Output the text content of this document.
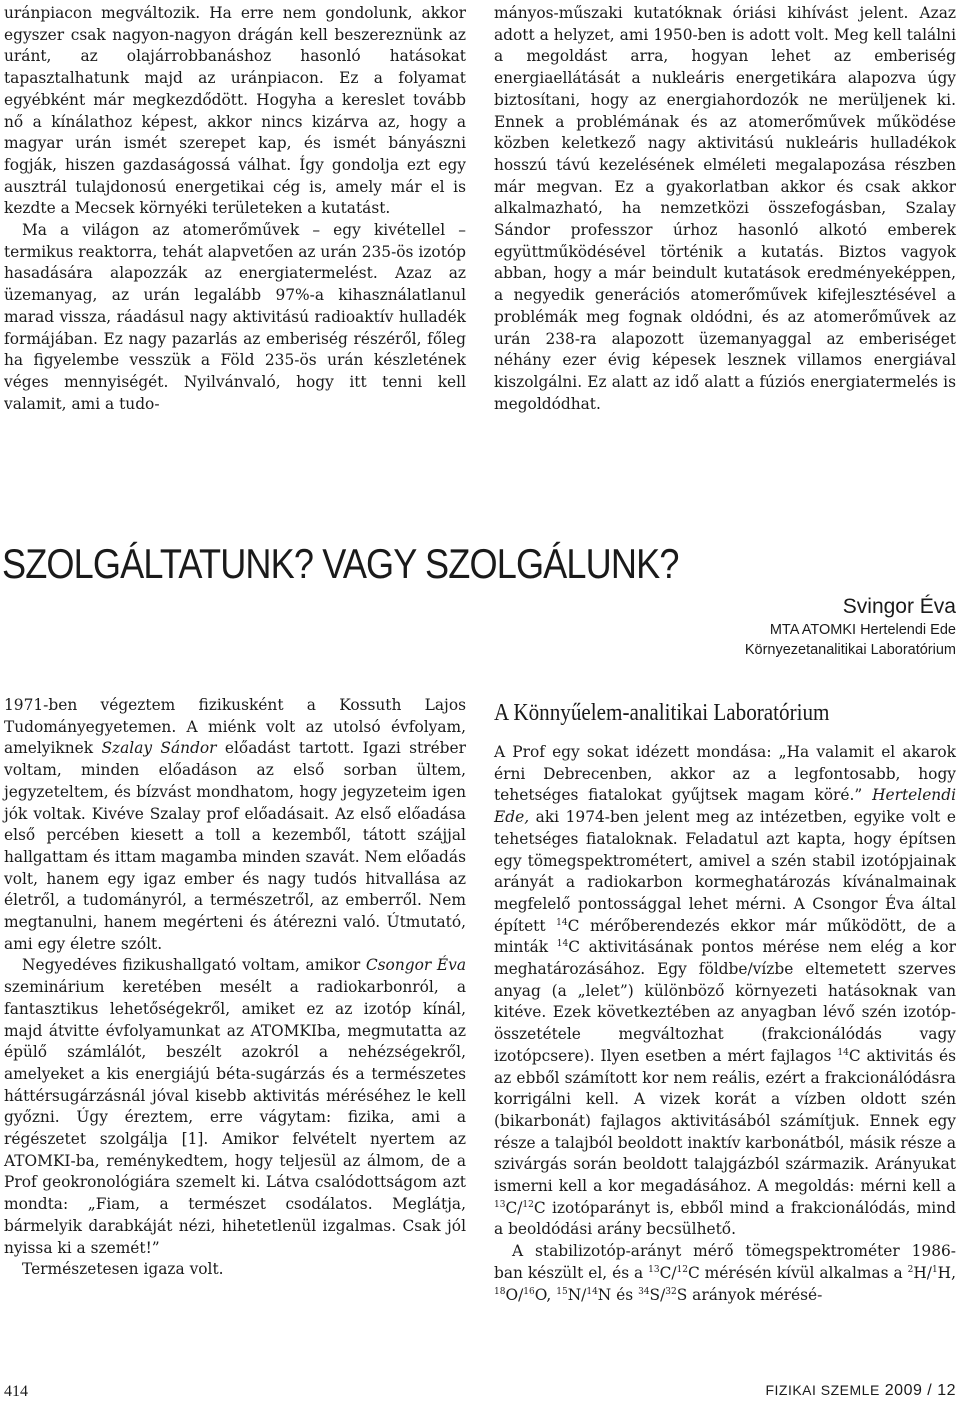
uránpiacon megváltozik. Ha erre nem gondolunk, akkor egyszer csak nagyon-nagyon drágán kell beszereznünk az uránt, az olajárrobbanáshoz hasonló hatásokat tapasztalhatunk majd az uránpiacon. Ez a folyamat egyébként már megkezdődött. Hogyha a kereslet tovább nő a kínálathoz képest, akkor nincs kizárva az, hogy a magyar urán ismét szerepet kap, és ismét bányászni fogják, hiszen gazdaságossá válhat. Így gondolja ezt egy ausztrál tulajdonosú energetikai cég is, amely már el is kezdte a Mecsek környéki területeken a kutatást.

Ma a világon az atomerőművek – egy kivétellel – termikus reaktorra, tehát alapvetően az urán 235-ös izotóp hasadására alapozzák az energiatermelést. Azaz az üzemanyag, az urán legalább 97%-a kihasználatlanul marad vissza, ráadásul nagy aktivitású radioaktív hulladék formájában. Ez nagy pazarlás az emberiség részéről, főleg ha figyelembe vesszük a Föld 235-ös urán készletének véges mennyiségét. Nyilvánvaló, hogy itt tenni kell valamit, ami a tudo-

mányos-műszaki kutatóknak óriási kihívást jelent. Azaz adott a helyzet, ami 1950-ben is adott volt. Meg kell találni a megoldást arra, hogyan lehet az emberiség energiaellátását a nukleáris energetikára alapozva úgy biztosítani, hogy az energiahordozók ne merüljenek ki. Ennek a problémának és az atomerőművek működése közben keletkező nagy aktivitású nukleáris hulladékok hosszú távú kezelésének elméleti megalapozása részben már megvan. Ez a gyakorlatban akkor és csak akkor alkalmazható, ha nemzetközi összefogásban, Szalay Sándor professzor úrhoz hasonló alkotó emberek együttműködésével történik a kutatás. Biztos vagyok abban, hogy a már beindult kutatások eredményeképpen, a negyedik generációs atomerőművek kifejlesztésével a problémák meg fognak oldódni, és az atomerőművek az urán 238-ra alapozott üzemanyaggal az emberiséget néhány ezer évig képesek lesznek villamos energiával kiszolgálni. Ez alatt az idő alatt a fúziós energiatermelés is megoldódhat.

SZOLGÁLTATUNK? VAGY SZOLGÁLUNK?
Svingor Éva
MTA ATOMKI Hertelendi Ede
Környezetanalitikai Laboratórium

1971-ben végeztem fizikusként a Kossuth Lajos Tudományegyetemen. A miénk volt az utolsó évfolyam, amelyiknek Szalay Sándor előadást tartott. Igazi stréber voltam, minden előadáson az első sorban ültem, jegyzeteltem, és bízvást mondhatom, hogy jegyzeteim igen jók voltak. Kivéve Szalay prof előadásait. Az első előadása első percében kiesett a toll a kezemből, tátott szájjal hallgattam és ittam magamba minden szavát. Nem előadás volt, hanem egy igaz ember és nagy tudós hitvallása az életről, a tudományról, a természetről, az emberről. Nem megtanulni, hanem megérteni és átérezni való. Útmutató, ami egy életre szólt.

Negyedéves fizikushallgató voltam, amikor Csongor Éva szeminárium keretében mesélt a radiokarbonról, a fantasztikus lehetőségekről, amiket ez az izotóp kínál, majd átvitte évfolyamunkat az ATOMKIba, megmutatta az épülő számlálót, beszélt azokról a nehézségekről, amelyeket a kis energiájú béta-sugárzás és a természetes háttérsugárzásnál jóval kisebb aktivitás méréséhez le kell győzni. Úgy éreztem, erre vágytam: fizika, ami a régészetet szolgálja [1]. Amikor felvételt nyertem az ATOMKI-ba, reménykedtem, hogy teljesül az álmom, de a Prof geokronológiára szemelt ki. Látva csalódottságom azt mondta: „Fiam, a természet csodálatos. Meglátja, bármelyik darabkáját nézi, hihetetlenül izgalmas. Csak jól nyissa ki a szemét!”

Természetesen igaza volt.

A Könnyűelem-analitikai Laboratórium

A Prof egy sokat idézett mondása: „Ha valamit el akarok érni Debrecenben, akkor az a legfontosabb, hogy tehetséges fiatalokat gyűjtsek magam köré.” Hertelendi Ede, aki 1974-ben jelent meg az intézetben, egyike volt e tehetséges fiataloknak. Feladatul azt kapta, hogy építsen egy tömegspektrométert, amivel a szén stabil izotópjainak arányát a radiokarbon kormeghatározás kívánalmainak megfelelő pontossággal lehet mérni. A Csongor Éva által épített $^{14}$C mérőberendezés ekkor már működött, de a minták $^{14}$C aktivitásának pontos mérése nem elég a kor meghatározásához. Egy földbe/vízbe eltemetett szerves anyag (a „lelet”) különböző környezeti hatásoknak van kitéve. Ezek következtében az anyagban lévő szén izotóp-összetétele megváltozhat (frakcionálódás vagy izotópcsere). Ilyen esetben a mért fajlagos $^{14}$C aktivitás és az ebből számított kor nem reális, ezért a frakcionálódásra korrigálni kell. A vizek korát a vízben oldott szén (bikarbonát) fajlagos aktivitásából számítjuk. Ennek egy része a talajból beoldott inaktív karbonátból, másik része a szivárgás során beoldott talajgázból származik. Arányukat ismerni kell a kor megadásához. A megoldás: mérni kell a $^{13}$C/$^{12}$C izotóparányt is, ebből mind a frakcionálódás, mind a beoldódási arány becsülhető.

A stabilizotóp-arányt mérő tömegspektrométer 1986-ban készült el, és a $^{13}$C/$^{12}$C mérésén kívül alkalmas a $^2$H/$^1$H, $^{18}$O/$^{16}$O, $^{15}$N/$^{14}$N és $^{34}$S/$^{32}$S arányok mérésé-

414	FIZIKAI SZEMLE 2009 / 12
